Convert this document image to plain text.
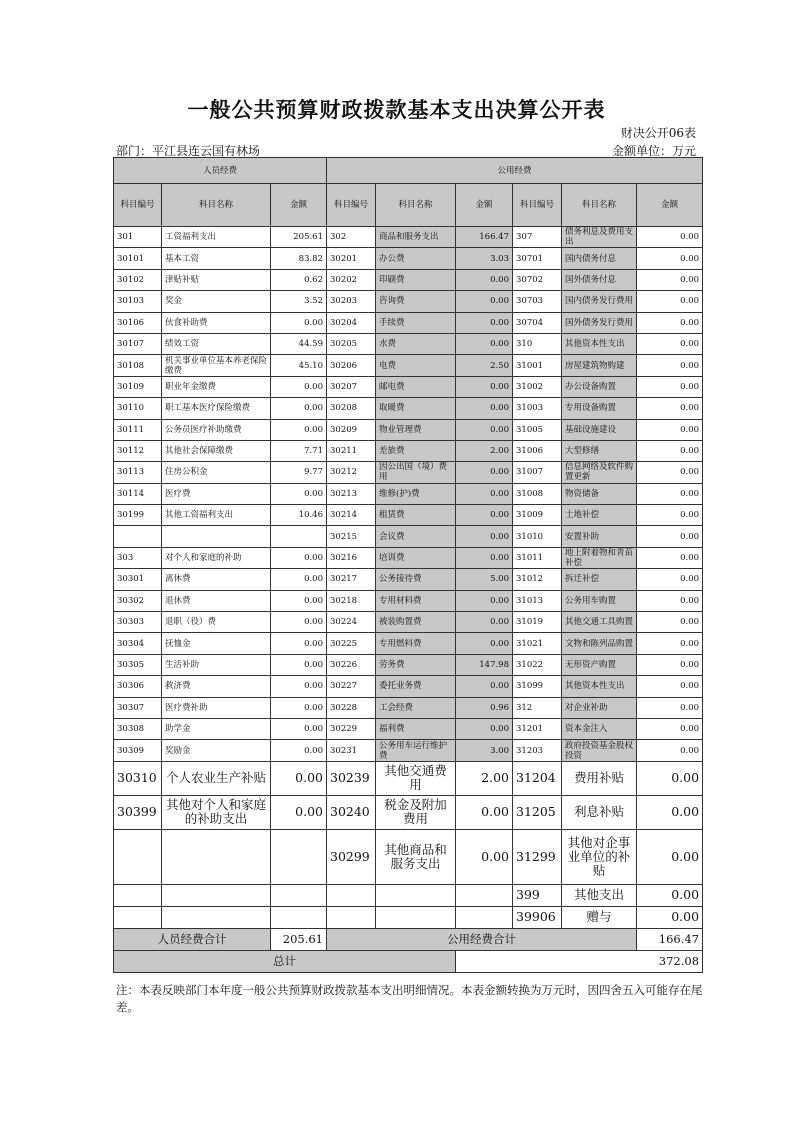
一般公共预算财政拨款基本支出决算公开表
财决公开06表
部门：平江县连云国有林场	金额单位：万元
人员经费			公用经费					
科目编号	科目名称	金额	科目编号	科目名称	金额	科目编号	科目名称	金额
301	工资福利支出	205.61	302	商品和服务支出	166.47	307	债务利息及费用支出	0.00
30101	基本工资	83.82	30201	办公费	3.03	30701	国内债务付息	0.00
30102	津贴补贴	0.62	30202	印刷费	0.00	30702	国外债务付息	0.00
30103	奖金	3.52	30203	咨询费	0.00	30703	国内债务发行费用	0.00
30106	伙食补助费	0.00	30204	手续费	0.00	30704	国外债务发行费用	0.00
30107	绩效工资	44.59	30205	水费	0.00	310	其他资本性支出	0.00
30108	机关事业单位基本养老保险缴费	45.10	30206	电费	2.50	31001	房屋建筑物购建	0.00
30109	职业年金缴费	0.00	30207	邮电费	0.00	31002	办公设备购置	0.00
30110	职工基本医疗保险缴费	0.00	30208	取暖费	0.00	31003	专用设备购置	0.00
30111	公务员医疗补助缴费	0.00	30209	物业管理费	0.00	31005	基础设施建设	0.00
30112	其他社会保障缴费	7.71	30211	差旅费	2.00	31006	大型修缮	0.00
30113	住房公积金	9.77	30212	因公出国（境）费用	0.00	31007	信息网络及软件购置更新	0.00
30114	医疗费	0.00	30213	维修(护)费	0.00	31008	物资储备	0.00
30199	其他工资福利支出	10.46	30214	租赁费	0.00	31009	土地补偿	0.00
			30215	会议费	0.00	31010	安置补助	0.00
303	对个人和家庭的补助	0.00	30216	培训费	0.00	31011	地上附着物和青苗补偿	0.00
30301	离休费	0.00	30217	公务接待费	5.00	31012	拆迁补偿	0.00
30302	退休费	0.00	30218	专用材料费	0.00	31013	公务用车购置	0.00
30303	退职（役）费	0.00	30224	被装购置费	0.00	31019	其他交通工具购置	0.00
30304	抚恤金	0.00	30225	专用燃料费	0.00	31021	文物和陈列品购置	0.00
30305	生活补助	0.00	30226	劳务费	147.98	31022	无形资产购置	0.00
30306	救济费	0.00	30227	委托业务费	0.00	31099	其他资本性支出	0.00
30307	医疗费补助	0.00	30228	工会经费	0.96	312	对企业补助	0.00
30308	助学金	0.00	30229	福利费	0.00	31201	资本金注入	0.00
30309	奖励金	0.00	30231	公务用车运行维护费	3.00	31203	政府投资基金股权投资	0.00
30310	个人农业生产补贴	0.00	30239	其他交通费用	2.00	31204	费用补贴	0.00
30399	其他对个人和家庭的补助支出	0.00	30240	税金及附加费用	0.00	31205	利息补贴	0.00
			30299	其他商品和服务支出	0.00	31299	其他对企事业单位的补贴	0.00
						399	其他支出	0.00
						39906	赠与	0.00
人员经费合计		205.61	公用经费合计					166.47
总计					372.08			
注：本表反映部门本年度一般公共预算财政拨款基本支出明细情况。本表金额转换为万元时，因四舍五入可能存在尾差。
